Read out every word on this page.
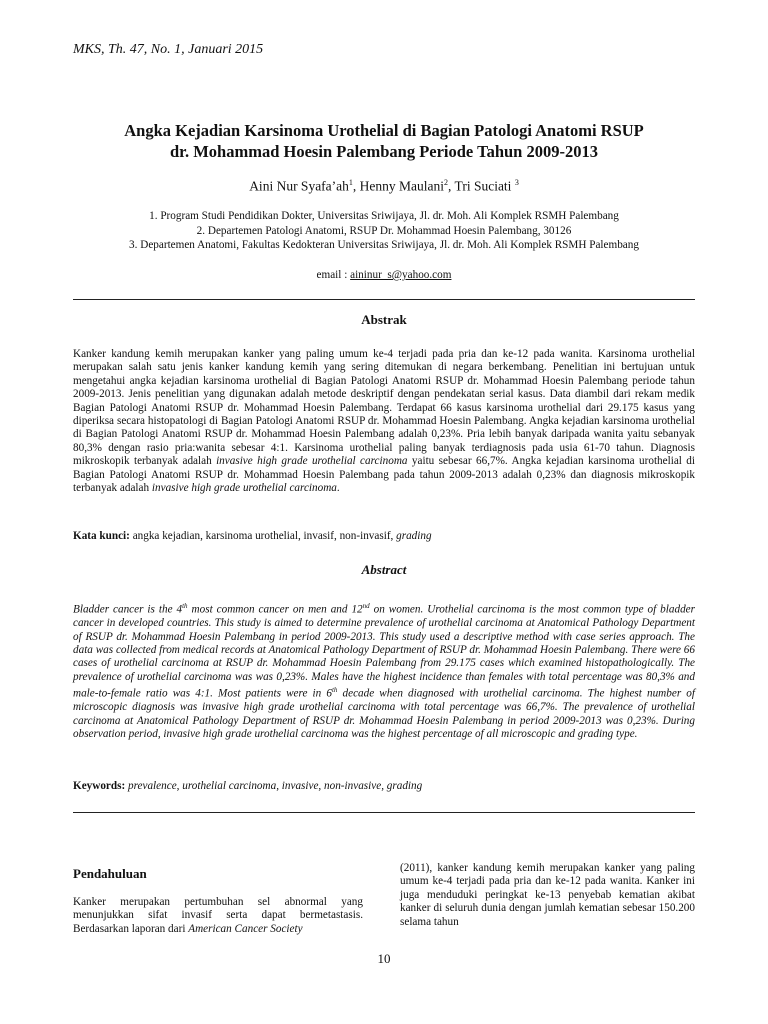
MKS, Th. 47, No. 1, Januari 2015
Angka Kejadian Karsinoma Urothelial di Bagian Patologi Anatomi RSUP
dr. Mohammad Hoesin Palembang Periode Tahun 2009-2013
Aini Nur $Syafa’ah^1$, Henny Maulani$^2$, Tri Suciati $^3$
1. Program Studi Pendidikan Dokter, Universitas Sriwijaya, Jl. dr. Moh. Ali Komplek RSMH Palembang
2. Departemen Patologi Anatomi, RSUP Dr. Mohammad Hoesin Palembang, 30126
3. Departemen Anatomi, Fakultas Kedokteran Universitas Sriwijaya, Jl. dr. Moh. Ali Komplek RSMH Palembang
email : aininur_s@yahoo.com
Abstrak
Kanker kandung kemih merupakan kanker yang paling umum ke-4 terjadi pada pria dan ke-12 pada wanita. Karsinoma urothelial merupakan salah satu jenis kanker kandung kemih yang sering ditemukan di negara berkembang. Penelitian ini bertujuan untuk mengetahui angka kejadian karsinoma urothelial di Bagian Patologi Anatomi RSUP dr. Mohammad Hoesin Palembang periode tahun 2009-2013. Jenis penelitian yang digunakan adalah metode deskriptif dengan pendekatan serial kasus. Data diambil dari rekam medik Bagian Patologi Anatomi RSUP dr. Mohammad Hoesin Palembang. Terdapat 66 kasus karsinoma urothelial dari 29.175 kasus yang diperiksa secara histopatologi di Bagian Patologi Anatomi RSUP dr. Mohammad Hoesin Palembang. Angka kejadian karsinoma urothelial di Bagian Patologi Anatomi RSUP dr. Mohammad Hoesin Palembang adalah 0,23%. Pria lebih banyak daripada wanita yaitu sebanyak 80,3% dengan rasio pria:wanita sebesar 4:1. Karsinoma urothelial paling banyak terdiagnosis pada usia 61-70 tahun. Diagnosis mikroskopik terbanyak adalah invasive high grade urothelial carcinoma yaitu sebesar 66,7%. Angka kejadian karsinoma urothelial di Bagian Patologi Anatomi RSUP dr. Mohammad Hoesin Palembang pada tahun 2009-2013 adalah 0,23% dan diagnosis mikroskopik terbanyak adalah invasive high grade urothelial carcinoma.
Kata kunci: angka kejadian, karsinoma urothelial, invasif, non-invasif, grading
Abstract
Bladder cancer is the 4th most common cancer on men and 12nd on women. Urothelial carcinoma is the most common type of bladder cancer in developed countries. This study is aimed to determine prevalence of urothelial carcinoma at Anatomical Pathology Department of RSUP dr. Mohammad Hoesin Palembang in period 2009-2013. This study used a descriptive method with case series approach. The data was collected from medical records at Anatomical Pathology Department of RSUP dr. Mohammad Hoesin Palembang. There were 66 cases of urothelial carcinoma at RSUP dr. Mohammad Hoesin Palembang from 29.175 cases which examined histopathologically. The prevalence of urothelial carcinoma was was 0,23%. Males have the highest incidence than females with total percentage was 80,3% and male-to-female ratio was 4:1. Most patients were in 6th decade when diagnosed with urothelial carcinoma. The highest number of microscopic diagnosis was invasive high grade urothelial carcinoma with total percentage was 66,7%. The prevalence of urothelial carcinoma at Anatomical Pathology Department of RSUP dr. Mohammad Hoesin Palembang in period 2009-2013 was 0,23%. During observation period, invasive high grade urothelial carcinoma was the highest percentage of all microscopic and grading type.
Keywords: prevalence, urothelial carcinoma, invasive, non-invasive, grading
Pendahuluan
Kanker merupakan pertumbuhan sel abnormal yang menunjukkan sifat invasif serta dapat bermetastasis. Berdasarkan laporan dari American Cancer Society
(2011), kanker kandung kemih merupakan kanker yang paling umum ke-4 terjadi pada pria dan ke-12 pada wanita. Kanker ini juga menduduki peringkat ke-13 penyebab kematian akibat kanker di seluruh dunia dengan jumlah kematian sebesar 150.200 selama tahun
10
